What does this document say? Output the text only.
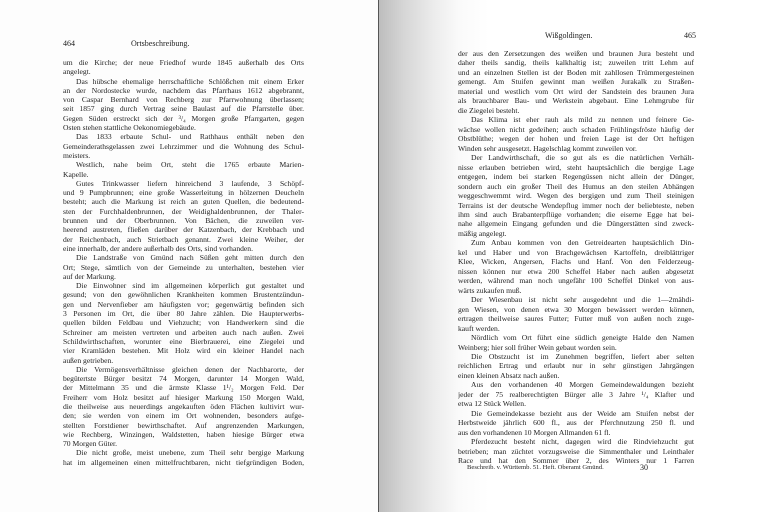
464	Ortsbeschreibung.
um die Kirche; der neue Friedhof wurde 1845 außerhalb des Orts
angelegt.
Das hübsche ehemalige herrschaftliche Schlößchen mit einem Erker
an der Nordostecke wurde, nachdem das Pfarrhaus 1612 abgebrannt,
von Caspar Bernhard von Rechberg zur Pfarrwohnung überlassen;
seit 1857 ging durch Vertrag seine Baulast auf die Pfarrstelle über.
Gegen Süden erstreckt sich der ³/₄ Morgen große Pfarrgarten, gegen
Osten stehen stattliche Oekonomiegebäude.
Das 1833 erbaute Schul- und Rathhaus enthält neben den
Gemeinderathsgelassen zwei Lehrzimmer und die Wohnung des Schul-
meisters.
Westlich, nahe beim Ort, steht die 1765 erbaute Marien-
Kapelle.
Gutes Trinkwasser liefern hinreichend 3 laufende, 3 Schöpf-
und 9 Pumpbrunnen; eine große Wasserleitung in hölzernen Deucheln
besteht; auch die Markung ist reich an guten Quellen, die bedeutend-
sten der Furchhaldenbrunnen, der Weidighaldenbrunnen, der Thaler-
brunnen und der Oberbrunnen. Von Bächen, die zuweilen ver-
heerend austreten, fließen darüber der Katzenbach, der Krebbach und
der Reichenbach, auch Strietbach genannt. Zwei kleine Weiher, der
eine innerhalb, der andere außerhalb des Orts, sind vorhanden.
Die Landstraße von Gmünd nach Süßen geht mitten durch den
Ort; Stege, sämtlich von der Gemeinde zu unterhalten, bestehen vier
auf der Markung.
Die Einwohner sind im allgemeinen körperlich gut gestaltet und
gesund; von den gewöhnlichen Krankheiten kommen Brustentzündun-
gen und Nervenfieber am häufigsten vor; gegenwärtig befinden sich
3 Personen im Ort, die über 80 Jahre zählen. Die Haupterwerbs-
quellen bilden Feldbau und Viehzucht; von Handwerkern sind die
Schreiner am meisten vertreten und arbeiten auch nach außen. Zwei
Schildwirthschaften, worunter eine Bierbrauerei, eine Ziegelei und
vier Kramläden bestehen. Mit Holz wird ein kleiner Handel nach
außen getrieben.
Die Vermögensverhältnisse gleichen denen der Nachbarorte, der
begütertste Bürger besitzt 74 Morgen, darunter 14 Morgen Wald,
der Mittelmann 35 und die ärmste Klasse 1¹/₂ Morgen Feld. Der
Freiherr vom Holz besitzt auf hiesiger Markung 150 Morgen Wald,
die theilweise aus neuerdings angekauften öden Flächen kultivirt wur-
den; sie werden von einem im Ort wohnenden, besonders aufge-
stellten Forstdiener bewirthschaftet. Auf angrenzenden Markungen,
wie Rechberg, Winzingen, Waldstetten, haben hiesige Bürger etwa
70 Morgen Güter.
Die nicht große, meist unebene, zum Theil sehr bergige Markung
hat im allgemeinen einen mittelfruchtbaren, nicht tiefgründigen Boden,
Wißgoldingen.	465
der aus den Zersetzungen des weißen und braunen Jura besteht und
daher theils sandig, theils kalkhaltig ist; zuweilen tritt Lehm auf
und an einzelnen Stellen ist der Boden mit zahllosen Trümmergesteinen
gemengt. Am Stuifen gewinnt man weißen Jurakalk zu Straßen-
material und westlich vom Ort wird der Sandstein des braunen Jura
als brauchbarer Bau- und Werkstein abgebaut. Eine Lehmgrube für
die Ziegelei besteht.
Das Klima ist eher rauh als mild zu nennen und feinere Ge-
wächse wollen nicht gedeihen; auch schaden Frühlingsfröste häufig der
Obstblüthe; wegen der hohen und freien Lage ist der Ort heftigen
Winden sehr ausgesetzt. Hagelschlag kommt zuweilen vor.
Der Landwirthschaft, die so gut als es die natürlichen Verhält-
nisse erlauben betrieben wird, steht hauptsächlich die bergige Lage
entgegen, indem bei starken Regengüssen nicht allein der Dünger,
sondern auch ein großer Theil des Humus an den steilen Abhängen
weggeschwemmt wird. Wegen des bergigen und zum Theil steinigen
Terrains ist der deutsche Wendepflug immer noch der beliebteste, neben
ihm sind auch Brabanterpflüge vorhanden; die eiserne Egge hat bei-
nahe allgemein Eingang gefunden und die Düngerstätten sind zweck-
mäßig angelegt.
Zum Anbau kommen von den Getreidearten hauptsächlich Din-
kel und Haber und von Brachgewächsen Kartoffeln, dreiblättriger
Klee, Wicken, Angersen, Flachs und Hanf. Von den Felderzeug-
nissen können nur etwa 200 Scheffel Haber nach außen abgesetzt
werden, während man noch ungefähr 100 Scheffel Dinkel von aus-
wärts zukaufen muß.
Der Wiesenbau ist nicht sehr ausgedehnt und die 1—2mähdi-
gen Wiesen, von denen etwa 30 Morgen bewässert werden können,
ertragen theilweise saures Futter; Futter muß von außen noch zuge-
kauft werden.
Nördlich vom Ort führt eine südlich geneigte Halde den Namen
Weinberg; hier soll früher Wein gebaut worden sein.
Die Obstzucht ist im Zunehmen begriffen, liefert aber selten
reichlichen Ertrag und erlaubt nur in sehr günstigen Jahrgängen
einen kleinen Absatz nach außen.
Aus den vorhandenen 40 Morgen Gemeindewaldungen bezieht
jeder der 75 realberechtigten Bürger alle 3 Jahre ¹/₄ Klafter und
etwa 12 Stück Wellen.
Die Gemeindekasse bezieht aus der Weide am Stuifen nebst der
Herbstweide jährlich 600 fl., aus der Pferchnutzung 250 fl. und
aus den vorhandenen 10 Morgen Allmanden 61 fl.
Pferdezucht besteht nicht, dagegen wird die Rindviehzucht gut
betrieben; man züchtet vorzugsweise die Simmenthaler und Leinthaler
Race und hat den Sommer über 2, des Winters nur 1 Farren
Beschreib. v. Württemb. 51. Heft. Oberamt Gmünd.	30
